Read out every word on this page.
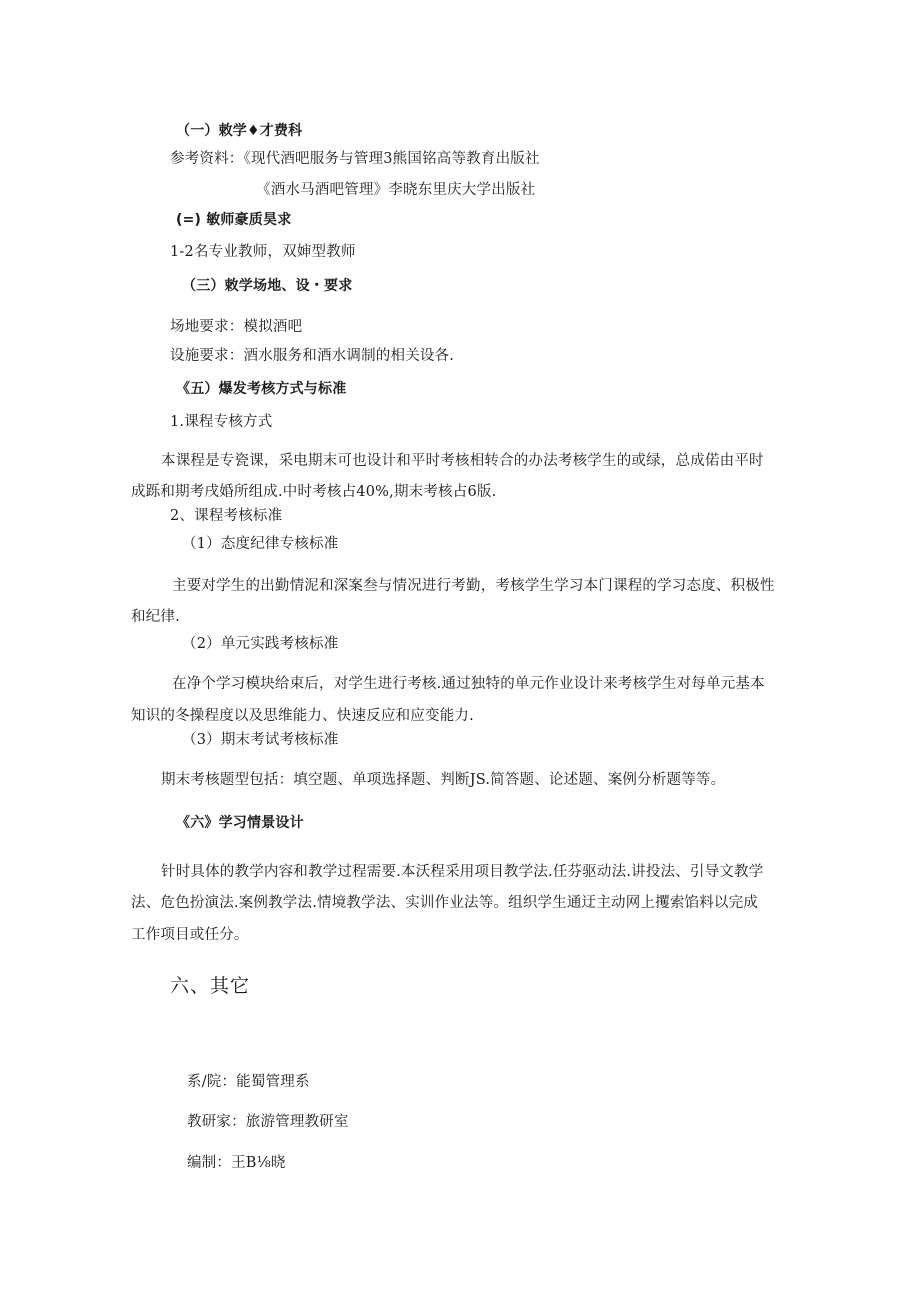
（一）敕学♦才费科
参考资料：《现代酒吧服务与管理3熊国铭高等教育出版社
《酒水马酒吧管理》李晓东里庆大学出版社
(=) 敏师豪质昊求
1-2名专业教师，双婶型教师
（三）敕学场地、设・要求
场地要求：模拟酒吧
设施要求：酒水服务和酒水调制的相关设各.
《五）爆发考核方式与标准
1.课程专核方式
本课程是专瓷课，采电期末可也设计和平时考核相转合的办法考核学生的或绿，总成偌由平时
成跞和期考戌婚所组成.中时考核占40%,期末考核占6版.
2、课程考核标准
（1）态度纪律专核标准
主要对学生的出勤情泥和深案叁与情况进行考勤，考核学生学习本门课程的学习态度、积极性
和纪律.
（2）单元实践考核标准
在净个学习模块给束后，对学生进行考核.通过独特的单元作业设计来考核学生对每单元基本
知识的冬操程度以及思维能力、快速反应和应变能力.
（3）期末考试考核标准
期末考核题型包括：填空题、单项选择题、判断JS.简答题、论述题、案例分析题等等。
《六》学习情景设计
针时具体的教学内容和教学过程需要.本沃程采用项目教学法.任芬驱动法.讲投法、引导文教学
法、危色扮演法.案例教学法.情境教学法、实训作业法等。组织学生通迂主动网上攫索馅料以完成
工作项目或任分。
六、其它
系/院：能蜀管理系
教研家：旅游管理教研室
编制：王B⅛晓
